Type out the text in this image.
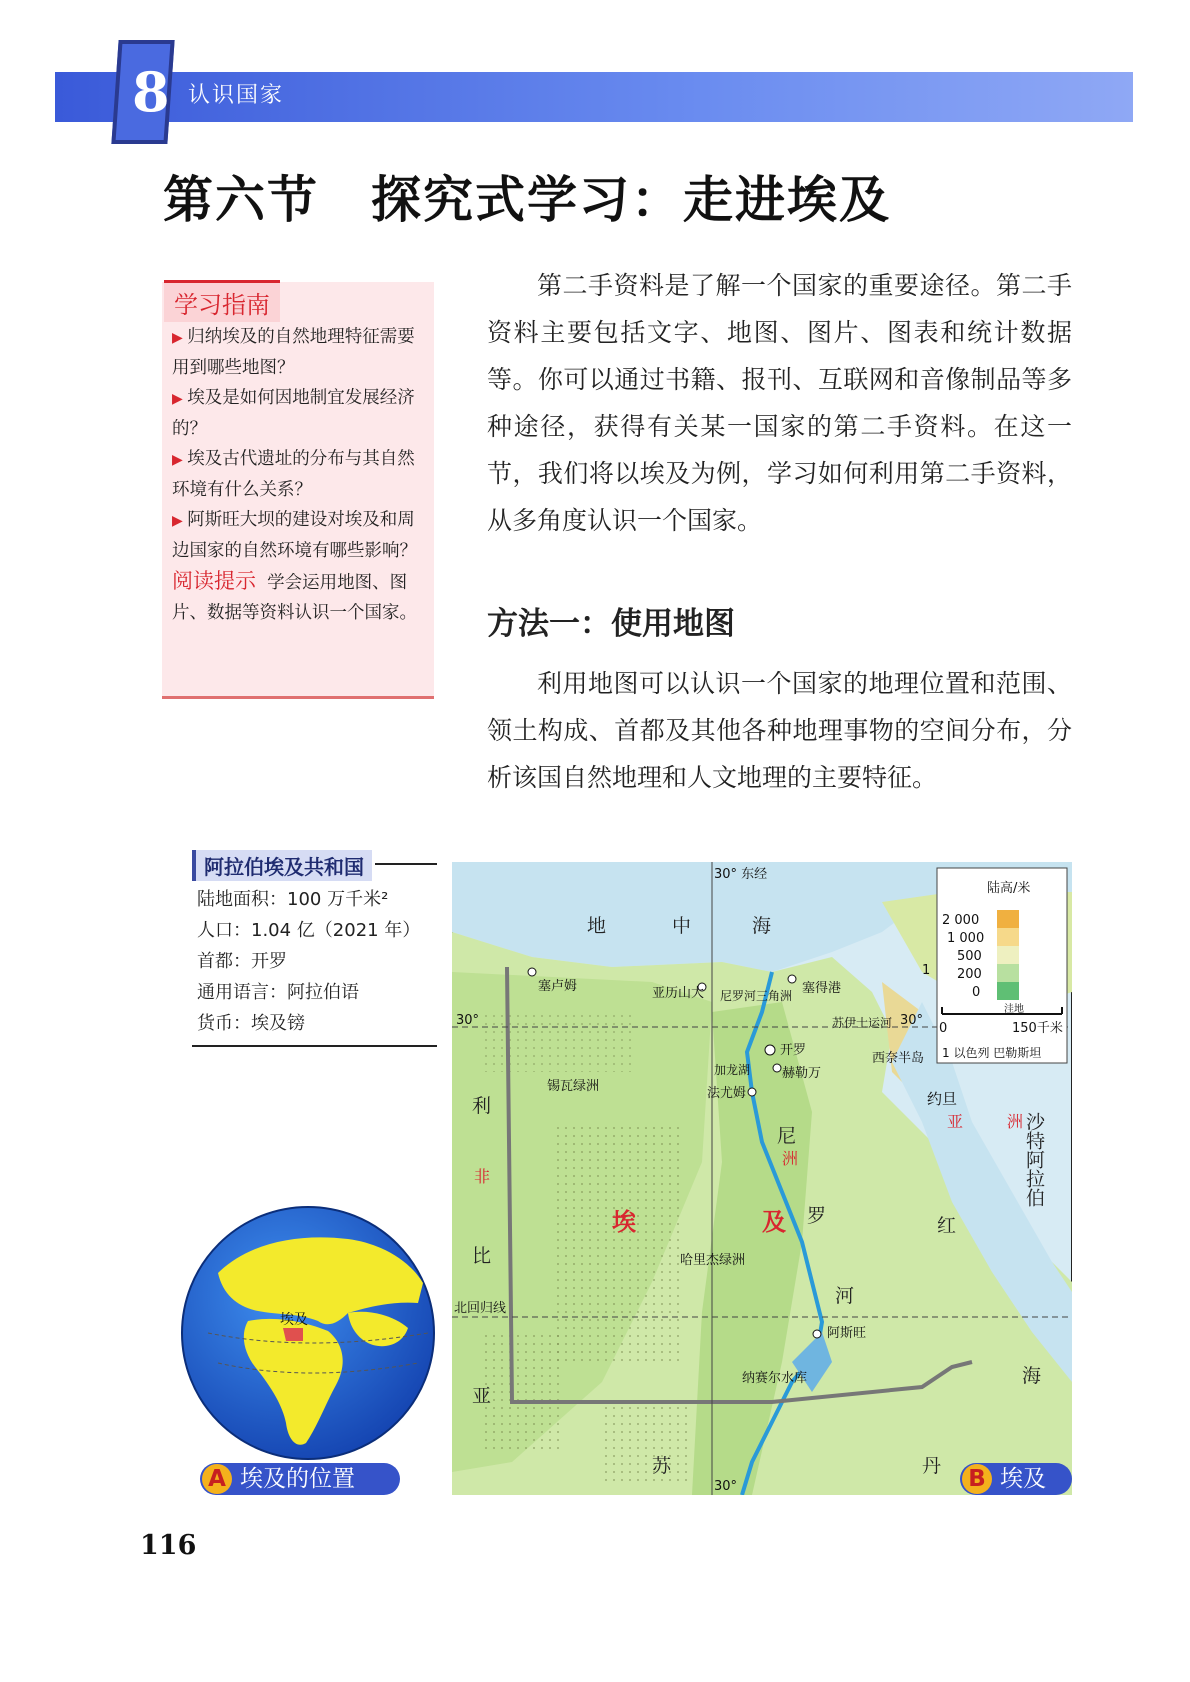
8 认识国家
第六节　探究式学习：走进埃及
学习指南

▶ 归纳埃及的自然地理特征需要用到哪些地图？

▶ 埃及是如何因地制宜发展经济的？

▶ 埃及古代遗址的分布与其自然环境有什么关系？

▶ 阿斯旺大坝的建设对埃及和周边国家的自然环境有哪些影响？

阅读提示 学会运用地图、图片、数据等资料认识一个国家。

第二手资料是了解一个国家的重要途径。第二手资料主要包括文字、地图、图片、图表和统计数据等。你可以通过书籍、报刊、互联网和音像制品等多种途径，获得有关某一国家的第二手资料。在这一节，我们将以埃及为例，学习如何利用第二手资料，从多角度认识一个国家。
方法一：使用地图
利用地图可以认识一个国家的地理位置和范围、领土构成、首都及其他各种地理事物的空间分布，分析该国自然地理和人文地理的主要特征。
阿拉伯埃及共和国
陆地面积：100 万千米²
人口：1.04 亿（2021 年）
首都：开罗
通用语言：阿拉伯语
货币：埃及镑
埃及
A 埃及的位置
陆高/米
2 000
1 000
500
200
0
洼地
0	150千米
1 以色列 巴勒斯坦
30° 东经
30°	30°
30°
北回归线
塞卢姆	亚历山大	塞得港
尼罗河三角洲
苏伊士运河
开罗
赫勒万
法尤姆
加龙湖
锡瓦绿洲
哈里杰绿洲
阿斯旺
纳赛尔水库
西奈半岛
约旦
1
地	中	海
利
比
亚
尼
罗
河
红
海
苏	丹
非
洲
亚	洲
埃	及
沙特阿拉伯
B 埃及
116
